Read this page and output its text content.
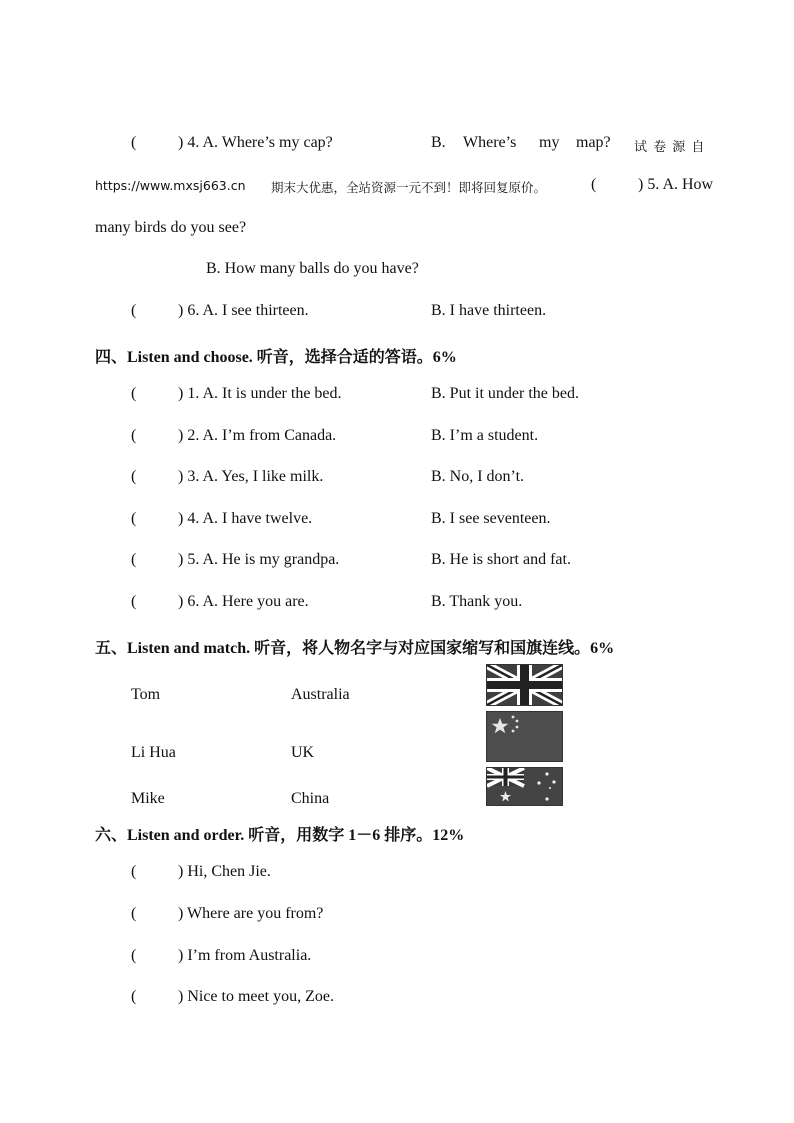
(	) 4. A. Where’s my cap?	B. Where’s my map? 试 卷 源 自
https://www.mxsj663.cn 期末大优惠，全站资源一元不到！即将回复原价。	(	) 5. A. How
many birds do you see?
B. How many balls do you have?
(	) 6. A. I see thirteen.	B. I have thirteen.
四、Listen and choose. 听音，选择合适的答语。6%
(	) 1. A. It is under the bed.	B. Put it under the bed.
(	) 2. A. I’m from Canada.	B. I’m a student.
(	) 3. A. Yes, I like milk.	B. No, I don’t.
(	) 4. A. I have twelve.	B. I see seventeen.
(	) 5. A. He is my grandpa.	B. He is short and fat.
(	) 6. A. Here you are.	B. Thank you.
五、Listen and match. 听音，将人物名字与对应国家缩写和国旗连线。6%
Tom
Li Hua
Mike
Australia
UK
China
六、Listen and order. 听音，用数字 1－6 排序。12%
(	) Hi, Chen Jie.
(	) Where are you from?
(	) I’m from Australia.
(	) Nice to meet you, Zoe.
